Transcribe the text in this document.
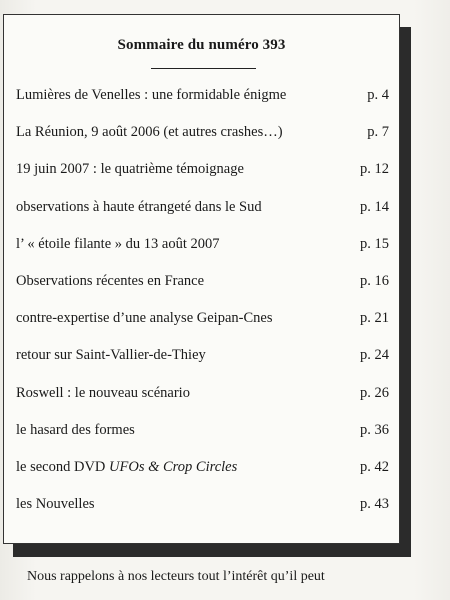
Sommaire du numéro 393
Lumières de Venelles : une formidable énigme	p. 4
La Réunion, 9 août 2006 (et autres crashes…)	p. 7
19 juin 2007 : le quatrième témoignage	p. 12
observations à haute étrangeté dans le Sud	p. 14
l’ « étoile filante » du 13 août 2007	p. 15
Observations récentes en France	p. 16
contre-expertise d’une analyse Geipan-Cnes	p. 21
retour sur Saint-Vallier-de-Thiey	p. 24
Roswell : le nouveau scénario	p. 26
le hasard des formes	p. 36
le second DVD UFOs & Crop Circles	p. 42
les Nouvelles	p. 43
Nous rappelons à nos lecteurs tout l’intérêt qu’il peut
